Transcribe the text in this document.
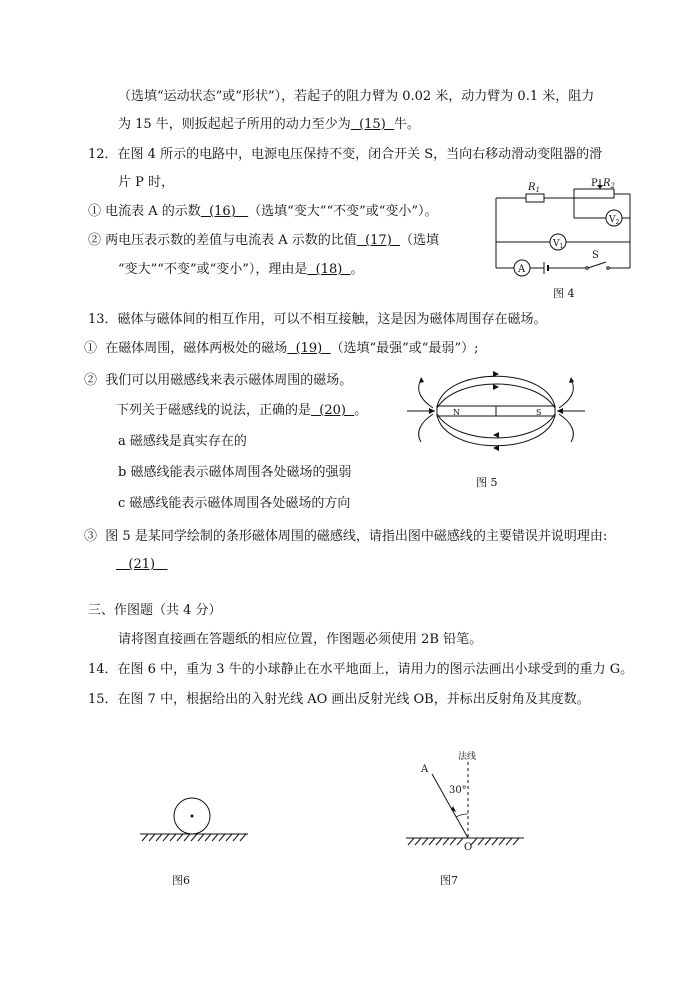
（选填“运动状态”或“形状”），若起子的阻力臂为 0.02 米，动力臂为 0.1 米，阻力
为 15 牛，则扳起起子所用的动力至少为 (15) 牛。
12．在图 4 所示的电路中，电源电压保持不变，闭合开关 S，当向右移动滑动变阻器的滑
片 P 时，
① 电流表 A 的示数 (16) （选填“变大”“不变”或“变小”）。
② 两电压表示数的差值与电流表 A 示数的比值 (17) （选填
“变大”“不变”或“变小”），理由是 (18) 。
$R_1$
P $R_2$
$V_2$
$V_1$
A
S
图 4
13．磁体与磁体间的相互作用，可以不相互接触，这是因为磁体周围存在磁场。
① 在磁体周围，磁体两极处的磁场 (19) （选填“最强”或“最弱”）;
② 我们可以用磁感线来表示磁体周围的磁场。
下列关于磁感线的说法，正确的是 (20) 。
a 磁感线是真实存在的
b 磁感线能表示磁体周围各处磁场的强弱
c 磁感线能表示磁体周围各处磁场的方向
N	S
图 5
③ 图 5 是某同学绘制的条形磁体周围的磁感线，请指出图中磁感线的主要错误并说明理由:
(21)
三、作图题（共 4 分）
请将图直接画在答题纸的相应位置，作图题必须使用 2B 铅笔。
14．在图 6 中，重为 3 牛的小球静止在水平地面上，请用力的图示法画出小球受到的重力 G。
15．在图 7 中，根据给出的入射光线 AO 画出反射光线 OB，并标出反射角及其度数。
图6
法线
A
30°
O
图7
